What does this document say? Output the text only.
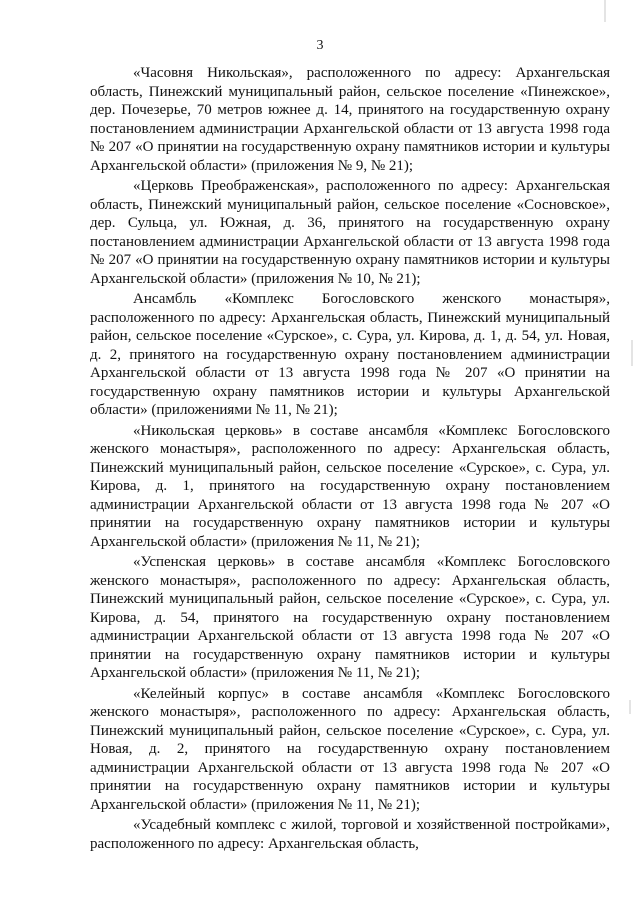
3

«Часовня Никольская», расположенного по адресу: Архангельская область, Пинежский муниципальный район, сельское поселение «Пинежское», дер. Почезерье, 70 метров южнее д. 14, принятого на государственную охрану постановлением администрации Архангельской области от 13 августа 1998 года № 207 «О принятии на государственную охрану памятников истории и культуры Архангельской области» (приложения № 9, № 21);

«Церковь Преображенская», расположенного по адресу: Архангельская область, Пинежский муниципальный район, сельское поселение «Сосновское», дер. Сульца, ул. Южная, д. 36, принятого на государственную охрану постановлением администрации Архангельской области от 13 августа 1998 года № 207 «О принятии на государственную охрану памятников истории и культуры Архангельской области» (приложения № 10, № 21);

Ансамбль «Комплекс Богословского женского монастыря», расположенного по адресу: Архангельская область, Пинежский муниципальный район, сельское поселение «Сурское», с. Сура, ул. Кирова, д. 1, д. 54, ул. Новая, д. 2, принятого на государственную охрану постановлением администрации Архангельской области от 13 августа 1998 года № 207 «О принятии на государственную охрану памятников истории и культуры Архангельской области» (приложениями № 11, № 21);

«Никольская церковь» в составе ансамбля «Комплекс Богословского женского монастыря», расположенного по адресу: Архангельская область, Пинежский муниципальный район, сельское поселение «Сурское», с. Сура, ул. Кирова, д. 1, принятого на государственную охрану постановлением администрации Архангельской области от 13 августа 1998 года № 207 «О принятии на государственную охрану памятников истории и культуры Архангельской области» (приложения № 11, № 21);

«Успенская церковь» в составе ансамбля «Комплекс Богословского женского монастыря», расположенного по адресу: Архангельская область, Пинежский муниципальный район, сельское поселение «Сурское», с. Сура, ул. Кирова, д. 54, принятого на государственную охрану постановлением администрации Архангельской области от 13 августа 1998 года № 207 «О принятии на государственную охрану памятников истории и культуры Архангельской области» (приложения № 11, № 21);

«Келейный корпус» в составе ансамбля «Комплекс Богословского женского монастыря», расположенного по адресу: Архангельская область, Пинежский муниципальный район, сельское поселение «Сурское», с. Сура, ул. Новая, д. 2, принятого на государственную охрану постановлением администрации Архангельской области от 13 августа 1998 года № 207 «О принятии на государственную охрану памятников истории и культуры Архангельской области» (приложения № 11, № 21);

«Усадебный комплекс с жилой, торговой и хозяйственной постройками», расположенного по адресу: Архангельская область,
